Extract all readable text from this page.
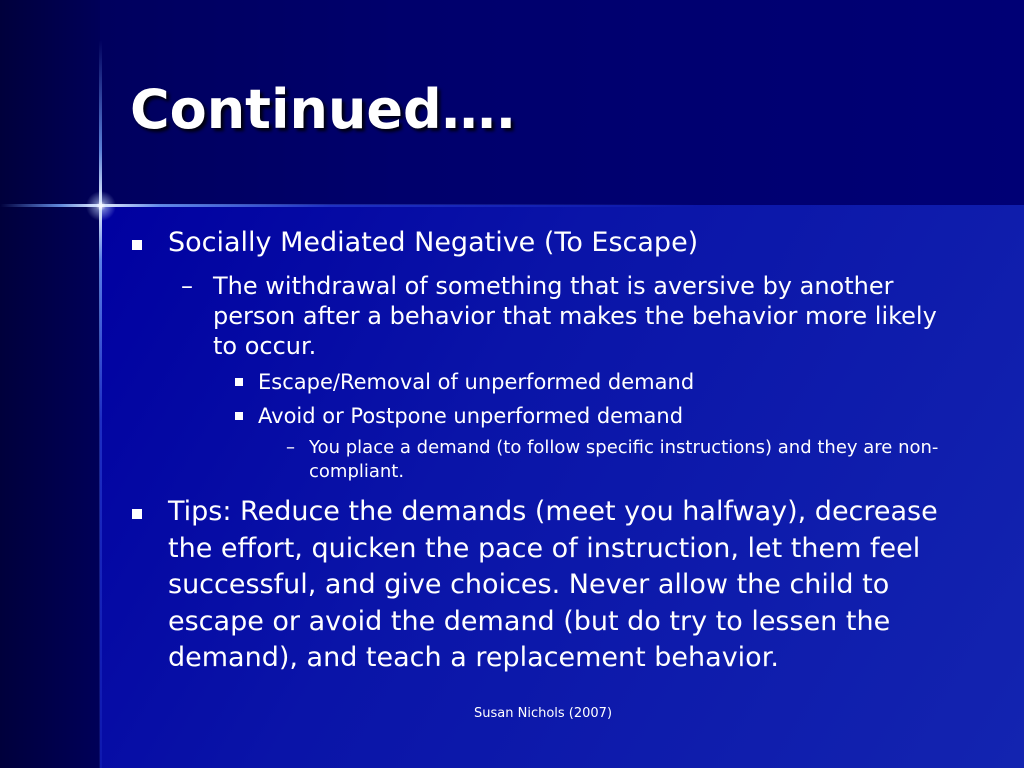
Continued….

Socially Mediated Negative (To Escape)

– The withdrawal of something that is aversive by another person after a behavior that makes the behavior more likely to occur.

Escape/Removal of unperformed demand

Avoid or Postpone unperformed demand

– You place a demand (to follow specific instructions) and they are non-compliant.

Tips: Reduce the demands (meet you halfway), decrease the effort, quicken the pace of instruction, let them feel successful, and give choices. Never allow the child to escape or avoid the demand (but do try to lessen the demand), and teach a replacement behavior.

Susan Nichols (2007)
